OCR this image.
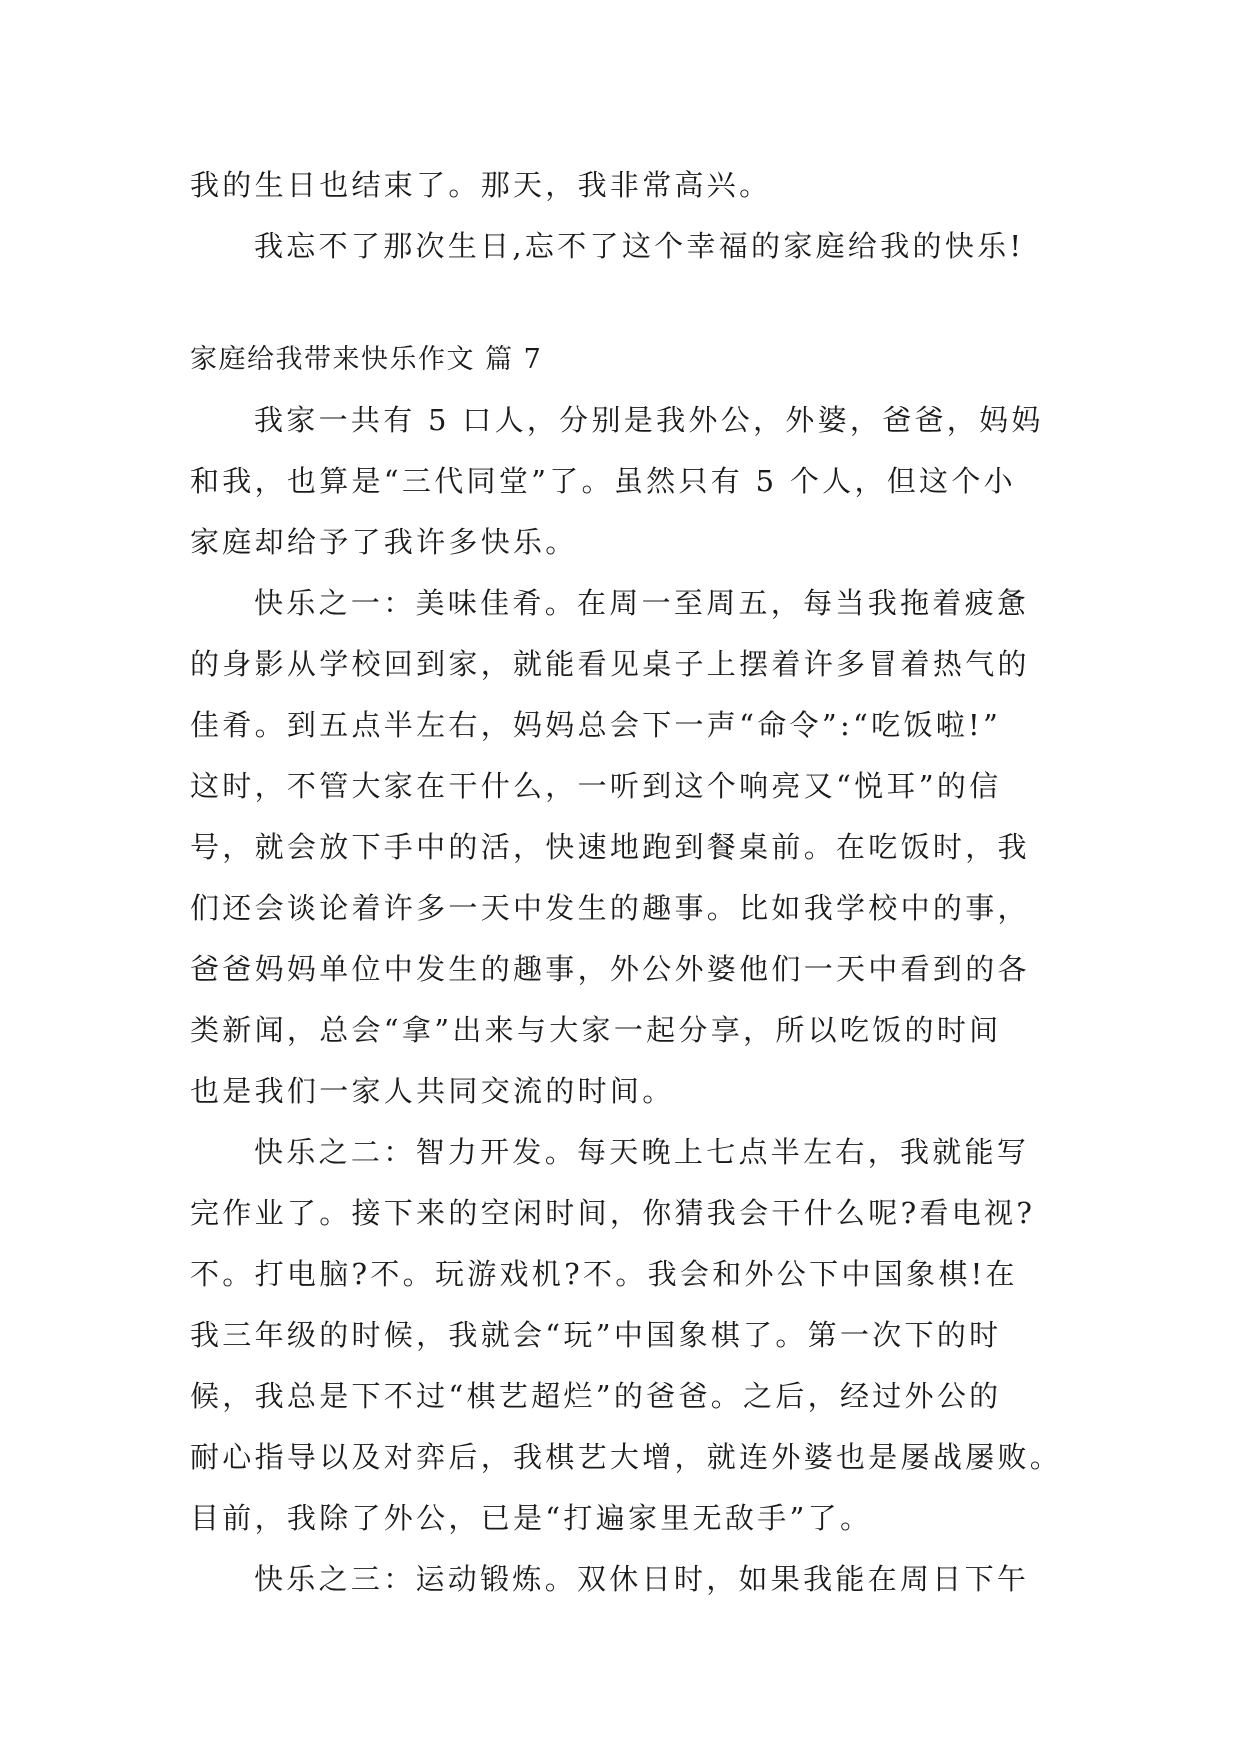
我的生日也结束了。那天，我非常高兴。
我忘不了那次生日,忘不了这个幸福的家庭给我的快乐!
家庭给我带来快乐作文 篇 7
我家一共有 5 口人，分别是我外公，外婆，爸爸，妈妈
和我，也算是“三代同堂”了。虽然只有 5 个人，但这个小
家庭却给予了我许多快乐。
快乐之一：美味佳肴。在周一至周五，每当我拖着疲惫
的身影从学校回到家，就能看见桌子上摆着许多冒着热气的
佳肴。到五点半左右，妈妈总会下一声“命令”:“吃饭啦!”
这时，不管大家在干什么，一听到这个响亮又“悦耳”的信
号，就会放下手中的活，快速地跑到餐桌前。在吃饭时，我
们还会谈论着许多一天中发生的趣事。比如我学校中的事，
爸爸妈妈单位中发生的趣事，外公外婆他们一天中看到的各
类新闻，总会“拿”出来与大家一起分享，所以吃饭的时间
也是我们一家人共同交流的时间。
快乐之二：智力开发。每天晚上七点半左右，我就能写
完作业了。接下来的空闲时间，你猜我会干什么呢?看电视?
不。打电脑?不。玩游戏机?不。我会和外公下中国象棋!在
我三年级的时候，我就会“玩”中国象棋了。第一次下的时
候，我总是下不过“棋艺超烂”的爸爸。之后，经过外公的
耐心指导以及对弈后，我棋艺大增，就连外婆也是屡战屡败。
目前，我除了外公，已是“打遍家里无敌手”了。
快乐之三：运动锻炼。双休日时，如果我能在周日下午
